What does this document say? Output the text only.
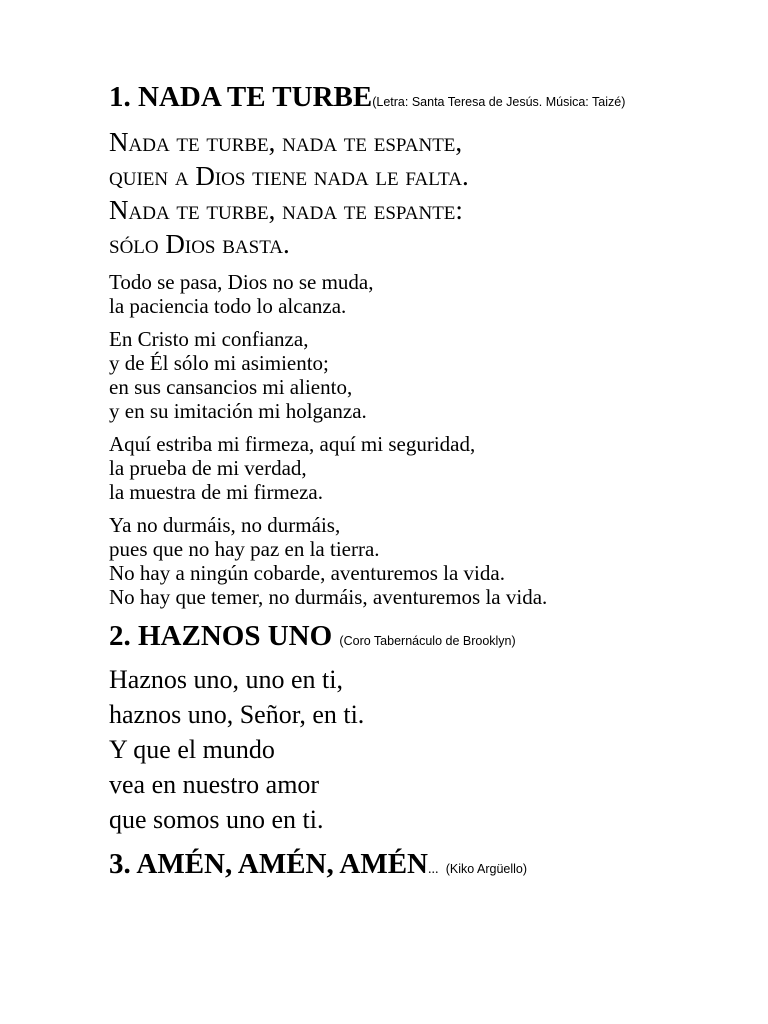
1. NADA TE TURBE(Letra: Santa Teresa de Jesús. Música: Taizé)
Nada te turbe, nada te espante,
quien a Dios tiene nada le falta.
Nada te turbe, nada te espante:
sólo Dios basta.
Todo se pasa, Dios no se muda,
la paciencia todo lo alcanza.
En Cristo mi confianza,
y de Él sólo mi asimiento;
en sus cansancios mi aliento,
y en su imitación mi holganza.
Aquí estriba mi firmeza, aquí mi seguridad,
la prueba de mi verdad,
la muestra de mi firmeza.
Ya no durmáis, no durmáis,
pues que no hay paz en la tierra.
No hay a ningún cobarde, aventuremos la vida.
No hay que temer, no durmáis, aventuremos la vida.
2. HAZNOS UNO (Coro Tabernáculo de Brooklyn)
Haznos uno, uno en ti,
haznos uno, Señor, en ti.
Y que el mundo
vea en nuestro amor
que somos uno en ti.
3. AMÉN, AMÉN, AMÉN... (Kiko Argüello)
